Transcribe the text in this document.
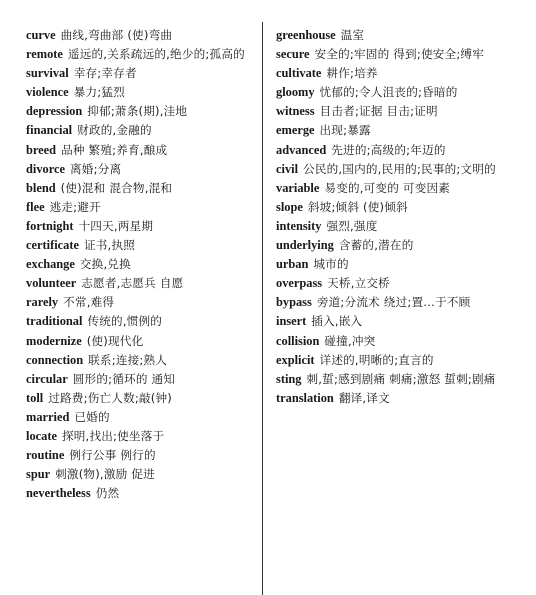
curve 曲线,弯曲部 (使)弯曲
remote 遥远的,关系疏远的,绝少的;孤高的
survival 幸存;幸存者
violence 暴力;猛烈
depression 抑郁;萧条(期),洼地
financial 财政的,金融的
breed 品种 繁殖;养育,酿成
divorce 离婚;分离
blend (使)混和 混合物,混和
flee 逃走;避开
fortnight 十四天,两星期
certificate 证书,执照
exchange 交换,兑换
volunteer 志愿者,志愿兵 自愿
rarely 不常,难得
traditional 传统的,惯例的
modernize (使)现代化
connection 联系;连接;熟人
circular 圆形的;循环的 通知
toll 过路费;伤亡人数;敲(钟)
married 已婚的
locate 探明,找出;使坐落于
routine 例行公事 例行的
spur 刺激(物),激励 促进
nevertheless 仍然
greenhouse 温室
secure 安全的;牢固的 得到;使安全;缚牢
cultivate 耕作;培养
gloomy 忧郁的;令人沮丧的;昏暗的
witness 目击者;证据 目击;证明
emerge 出现;暴露
advanced 先进的;高级的;年迈的
civil 公民的,国内的,民用的;民事的;文明的
variable 易变的,可变的 可变因素
slope 斜坡;倾斜 (使)倾斜
intensity 强烈,强度
underlying 含蓄的,潜在的
urban 城市的
overpass 天桥,立交桥
bypass 旁道;分流术 绕过;置…于不顾
insert 插入,嵌入
collision 碰撞,冲突
explicit 详述的,明晰的;直言的
sting 刺,蜇;感到剧痛 刺痛;激怒 蜇刺;剧痛
translation 翻译,译文
